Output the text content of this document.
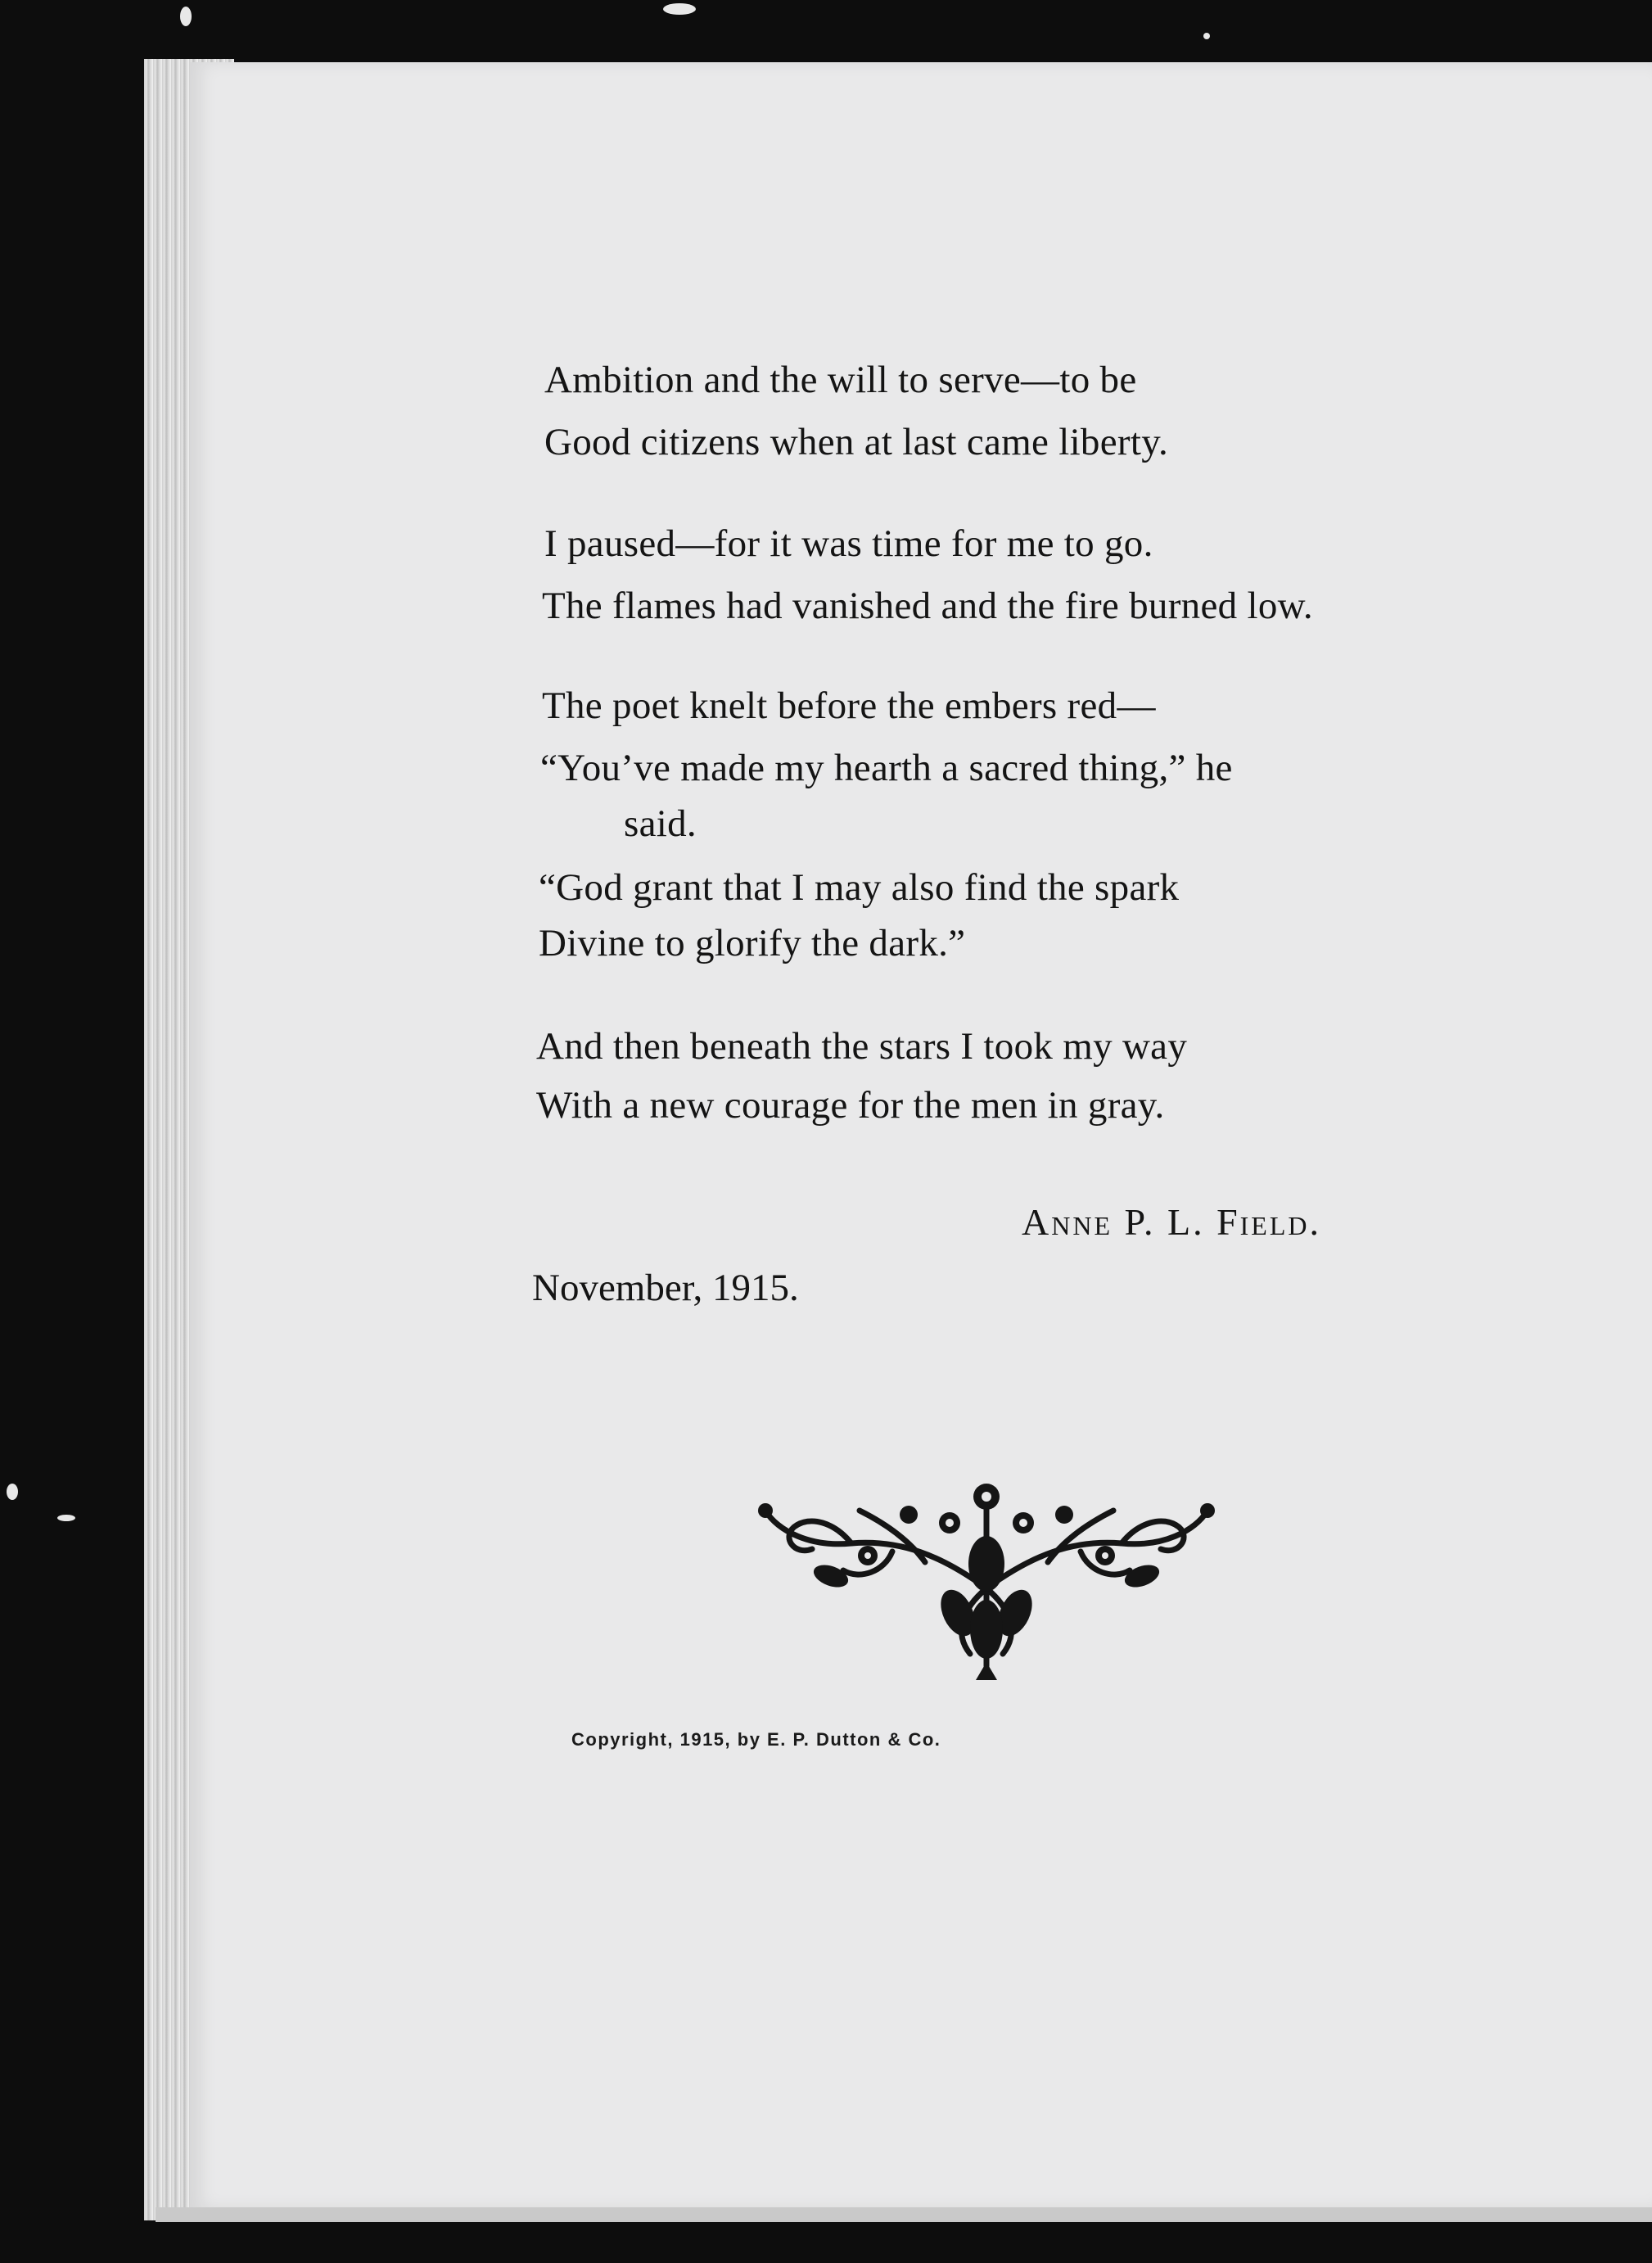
Ambition and the will to serve—to be
Good citizens when at last came liberty.
I paused—for it was time for me to go.
The flames had vanished and the fire burned low.
The poet knelt before the embers red—
“You’ve made my hearth a sacred thing,” he
said.
“God grant that I may also find the spark
Divine to glorify the dark.”
And then beneath the stars I took my way
With a new courage for the men in gray.
Anne P. L. Field.
November, 1915.
Copyright, 1915, by E. P. Dutton & Co.
